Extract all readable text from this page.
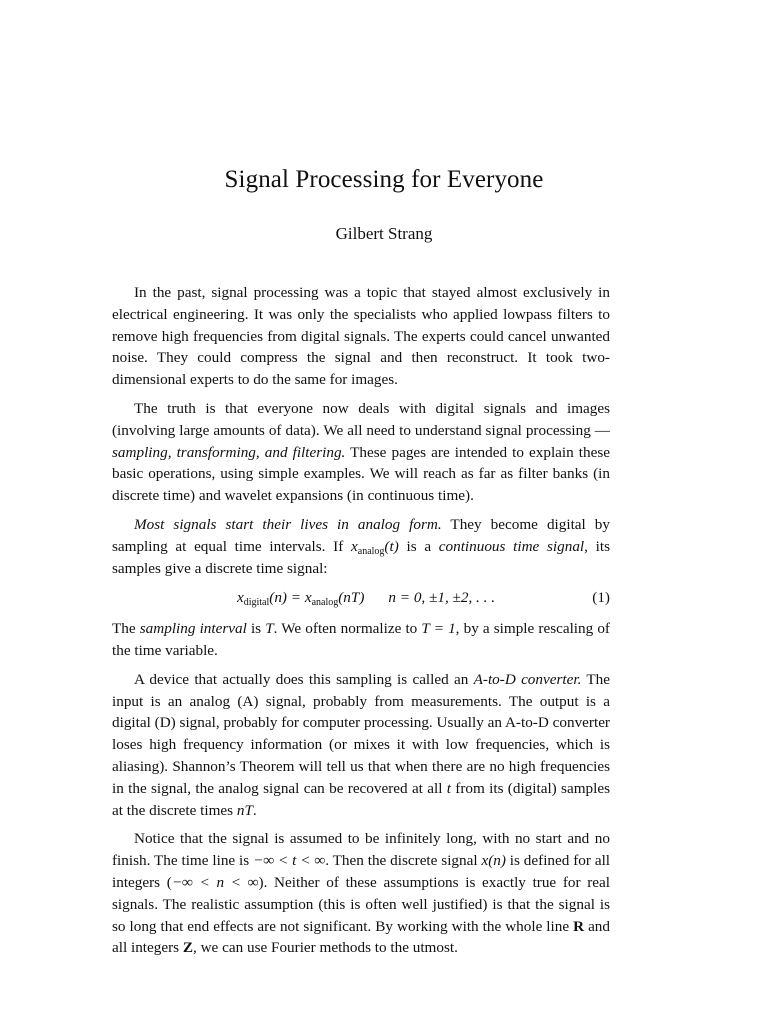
Signal Processing for Everyone
Gilbert Strang

In the past, signal processing was a topic that stayed almost exclusively in electrical engineering. It was only the specialists who applied lowpass filters to remove high frequencies from digital signals. The experts could cancel unwanted noise. They could compress the signal and then reconstruct. It took two-dimensional experts to do the same for images.

The truth is that everyone now deals with digital signals and images (involving large amounts of data). We all need to understand signal processing — sampling, transforming, and filtering. These pages are intended to explain these basic operations, using simple examples. We will reach as far as filter banks (in discrete time) and wavelet expansions (in continuous time).

Most signals start their lives in analog form. They become digital by sampling at equal time intervals. If $x_{analog}(t)$ is a continuous time signal, its samples give a discrete time signal:

$x_{digital}(n) = x_{analog}(nT) n = 0$, ±1, ±2, . . .	(1)

The sampling interval is T. We often normalize to T = 1, by a simple rescaling of the time variable.

A device that actually does this sampling is called an A-to-D converter. The input is an analog (A) signal, probably from measurements. The output is a digital (D) signal, probably for computer processing. Usually an A-to-D converter loses high frequency information (or mixes it with low frequencies, which is aliasing). Shannon’s Theorem will tell us that when there are no high frequencies in the signal, the analog signal can be recovered at all t from its (digital) samples at the discrete times nT.

Notice that the signal is assumed to be infinitely long, with no start and no finish. The time line is −∞ < t < ∞. Then the discrete signal x(n) is defined for all integers (−∞ < n < ∞). Neither of these assumptions is exactly true for real signals. The realistic assumption (this is often well justified) is that the signal is so long that end effects are not significant. By working with the whole line R and all integers Z, we can use Fourier methods to the utmost.
